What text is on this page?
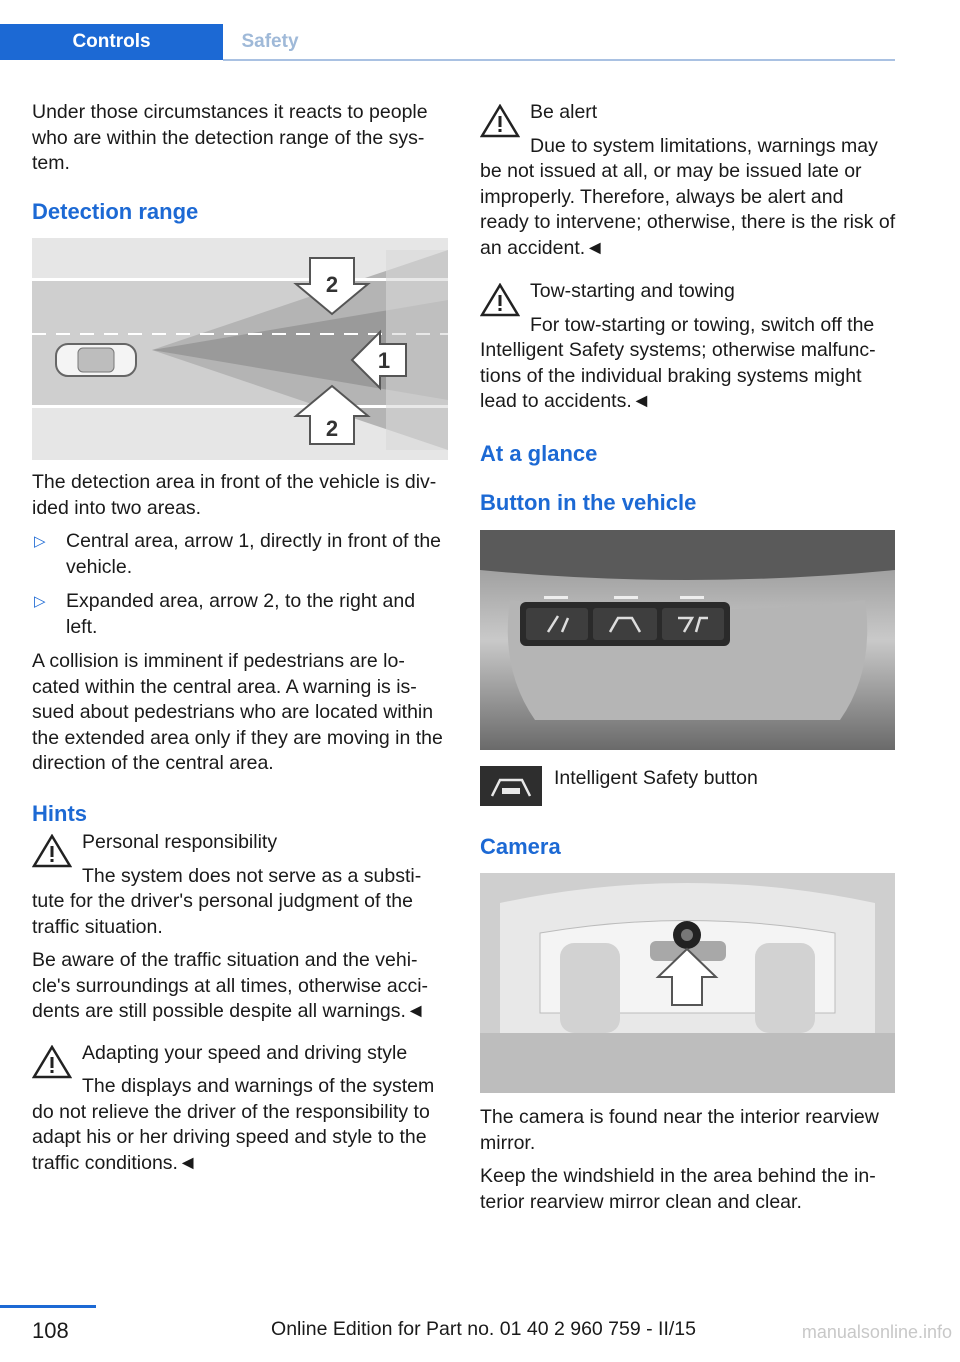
Controls	Safety

Under those circumstances it reacts to people who are within the detection range of the sys-tem.

Detection range
2
1
2

The detection area in front of the vehicle is div-ided into two areas.

▷ Central area, arrow 1, directly in front of the vehicle.
▷ Expanded area, arrow 2, to the right and left.

A collision is imminent if pedestrians are lo-cated within the central area. A warning is is-sued about pedestrians who are located within the extended area only if they are moving in the direction of the central area.

Hints
Personal responsibility
The system does not serve as a substi-tute for the driver's personal judgment of the traffic situation.

Be aware of the traffic situation and the vehi-cle's surroundings at all times, otherwise acci-dents are still possible despite all warnings.◄

Adapting your speed and driving style
The displays and warnings of the system do not relieve the driver of the responsibility to adapt his or her driving speed and style to the traffic conditions.◄
Be alert
Due to system limitations, warnings may be not issued at all, or may be issued late or improperly. Therefore, always be alert and ready to intervene; otherwise, there is the risk of an accident.◄
Tow-starting and towing
For tow-starting or towing, switch off the Intelligent Safety systems; otherwise malfunc-tions of the individual braking systems might lead to accidents.◄
At a glance
Button in the vehicle
Intelligent Safety button
Camera

The camera is found near the interior rearview mirror.

Keep the windshield in the area behind the in-terior rearview mirror clean and clear.

108	Online Edition for Part no. 01 40 2 960 759 - II/15	manualsonline.info
